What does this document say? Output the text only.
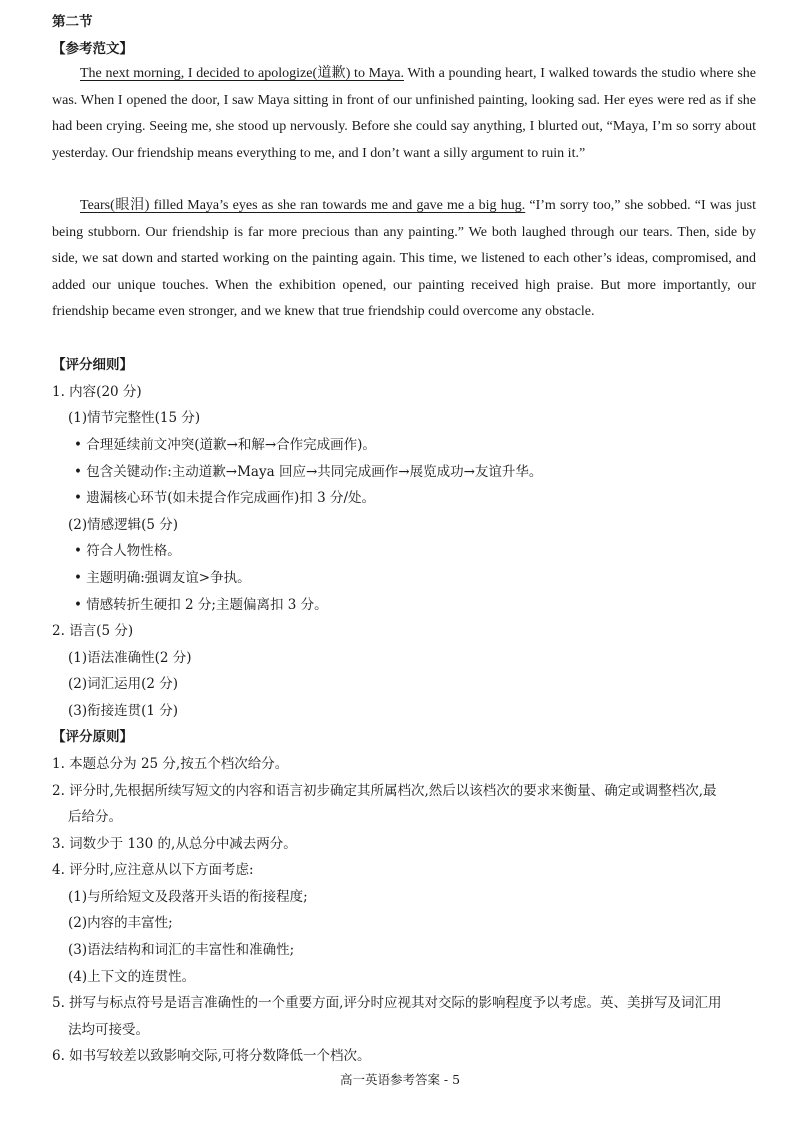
第二节
【参考范文】

The next morning, I decided to apologize(道歉) to Maya. With a pounding heart, I walked towards the studio where she was. When I opened the door, I saw Maya sitting in front of our unfinished painting, looking sad. Her eyes were red as if she had been crying. Seeing me, she stood up nervously. Before she could say anything, I blurted out, “Maya, I’m so sorry about yesterday. Our friendship means everything to me, and I don’t want a silly argument to ruin it.”

Tears(眼泪) filled Maya’s eyes as she ran towards me and gave me a big hug. “I’m sorry too,” she sobbed. “I was just being stubborn. Our friendship is far more precious than any painting.” We both laughed through our tears. Then, side by side, we sat down and started working on the painting again. This time, we listened to each other’s ideas, compromised, and added our unique touches. When the exhibition opened, our painting received high praise. But more importantly, our friendship became even stronger, and we knew that true friendship could overcome any obstacle.

【评分细则】
1. 内容(20 分)
(1)情节完整性(15 分)
• 合理延续前文冲突(道歉→和解→合作完成画作)。
• 包含关键动作:主动道歉→Maya 回应→共同完成画作→展览成功→友谊升华。
• 遗漏核心环节(如未提合作完成画作)扣 3 分/处。
(2)情感逻辑(5 分)
• 符合人物性格。
• 主题明确:强调友谊>争执。
• 情感转折生硬扣 2 分;主题偏离扣 3 分。
2. 语言(5 分)
(1)语法准确性(2 分)
(2)词汇运用(2 分)
(3)衔接连贯(1 分)
【评分原则】
1. 本题总分为 25 分,按五个档次给分。
2. 评分时,先根据所续写短文的内容和语言初步确定其所属档次,然后以该档次的要求来衡量、确定或调整档次,最
后给分。
3. 词数少于 130 的,从总分中减去两分。
4. 评分时,应注意从以下方面考虑:
(1)与所给短文及段落开头语的衔接程度;
(2)内容的丰富性;
(3)语法结构和词汇的丰富性和准确性;
(4)上下文的连贯性。
5. 拼写与标点符号是语言准确性的一个重要方面,评分时应视其对交际的影响程度予以考虑。英、美拼写及词汇用
法均可接受。
6. 如书写较差以致影响交际,可将分数降低一个档次。
高一英语参考答案 - 5
